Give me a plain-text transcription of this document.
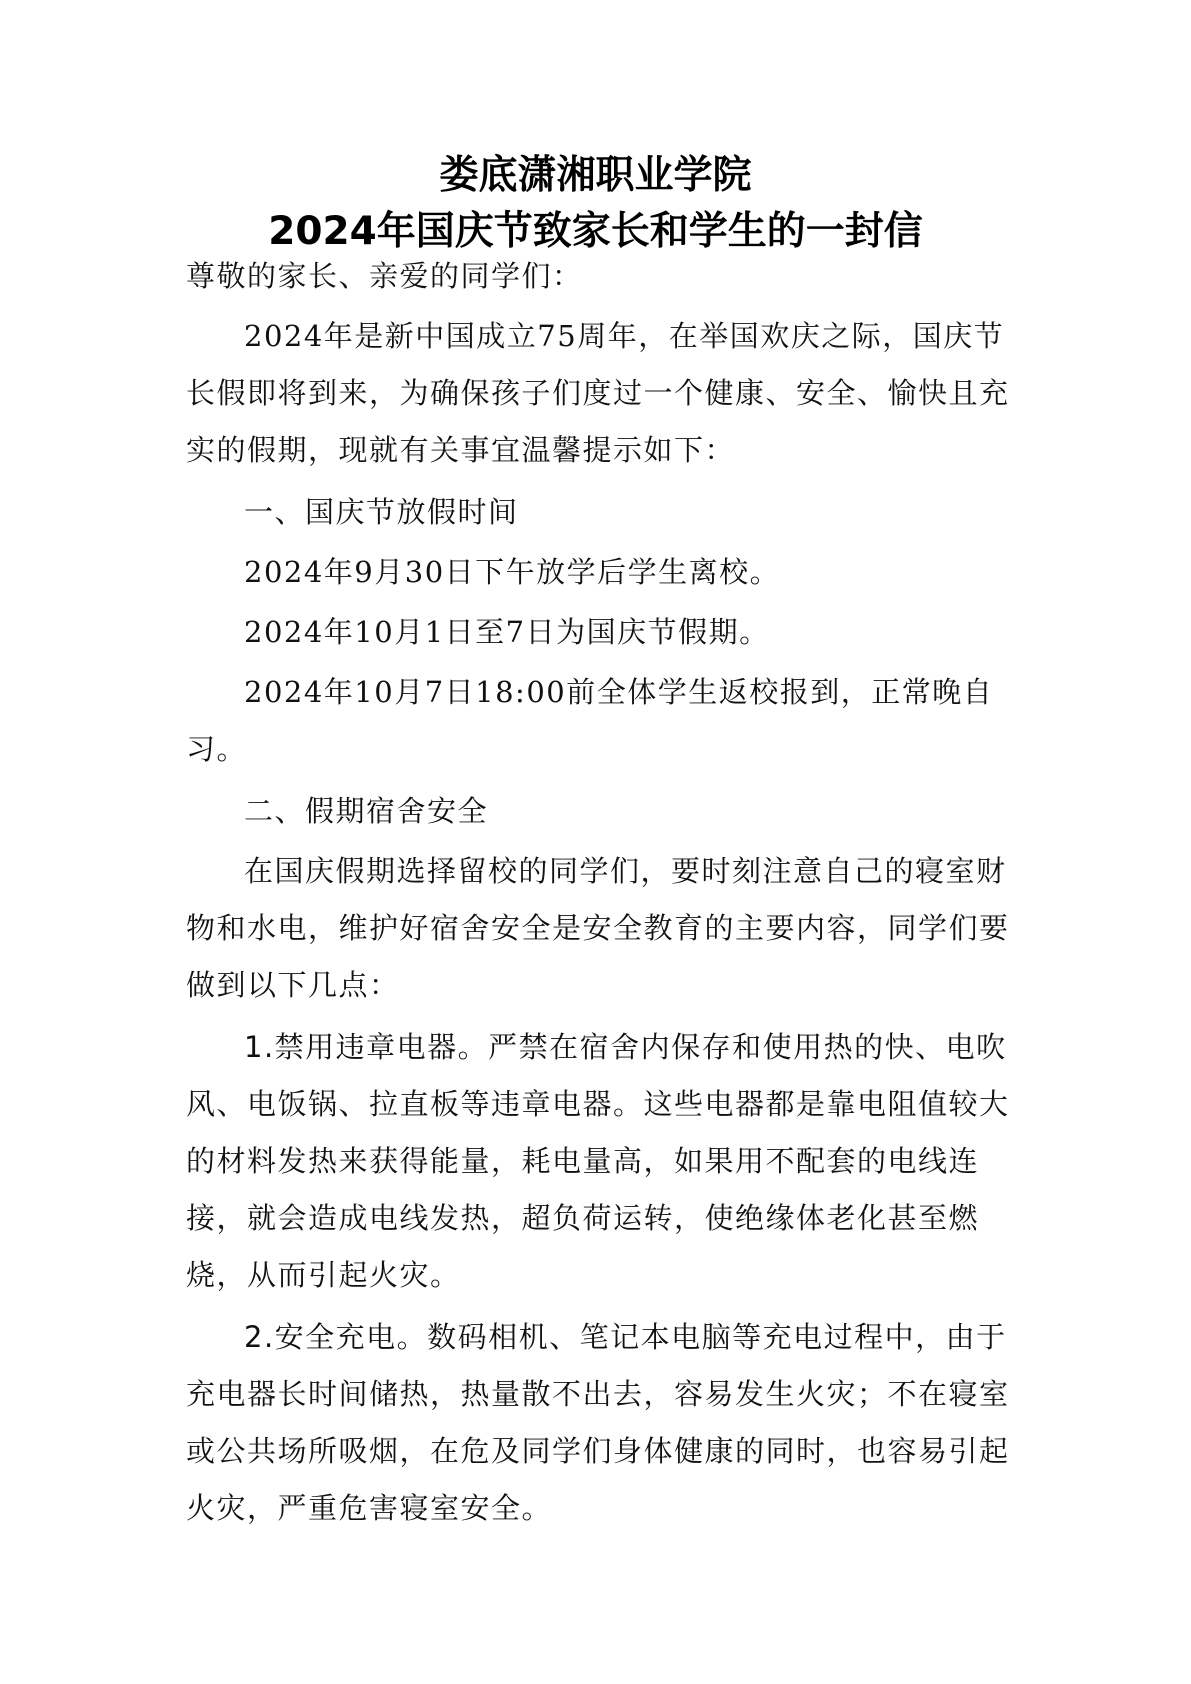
娄底潇湘职业学院
2024年国庆节致家长和学生的一封信

尊敬的家长、亲爱的同学们：

2024年是新中国成立75周年，在举国欢庆之际，国庆节长假即将到来，为确保孩子们度过一个健康、安全、愉快且充实的假期，现就有关事宜温馨提示如下：

一、国庆节放假时间

2024年9月30日下午放学后学生离校。

2024年10月1日至7日为国庆节假期。

2024年10月7日18:00前全体学生返校报到，正常晚自习。

二、假期宿舍安全

在国庆假期选择留校的同学们，要时刻注意自己的寝室财物和水电，维护好宿舍安全是安全教育的主要内容，同学们要做到以下几点：

1.禁用违章电器。严禁在宿舍内保存和使用热的快、电吹风、电饭锅、拉直板等违章电器。这些电器都是靠电阻值较大的材料发热来获得能量，耗电量高，如果用不配套的电线连接，就会造成电线发热，超负荷运转，使绝缘体老化甚至燃烧，从而引起火灾。

2.安全充电。数码相机、笔记本电脑等充电过程中，由于充电器长时间储热，热量散不出去，容易发生火灾；不在寝室或公共场所吸烟，在危及同学们身体健康的同时，也容易引起火灾，严重危害寝室安全。
